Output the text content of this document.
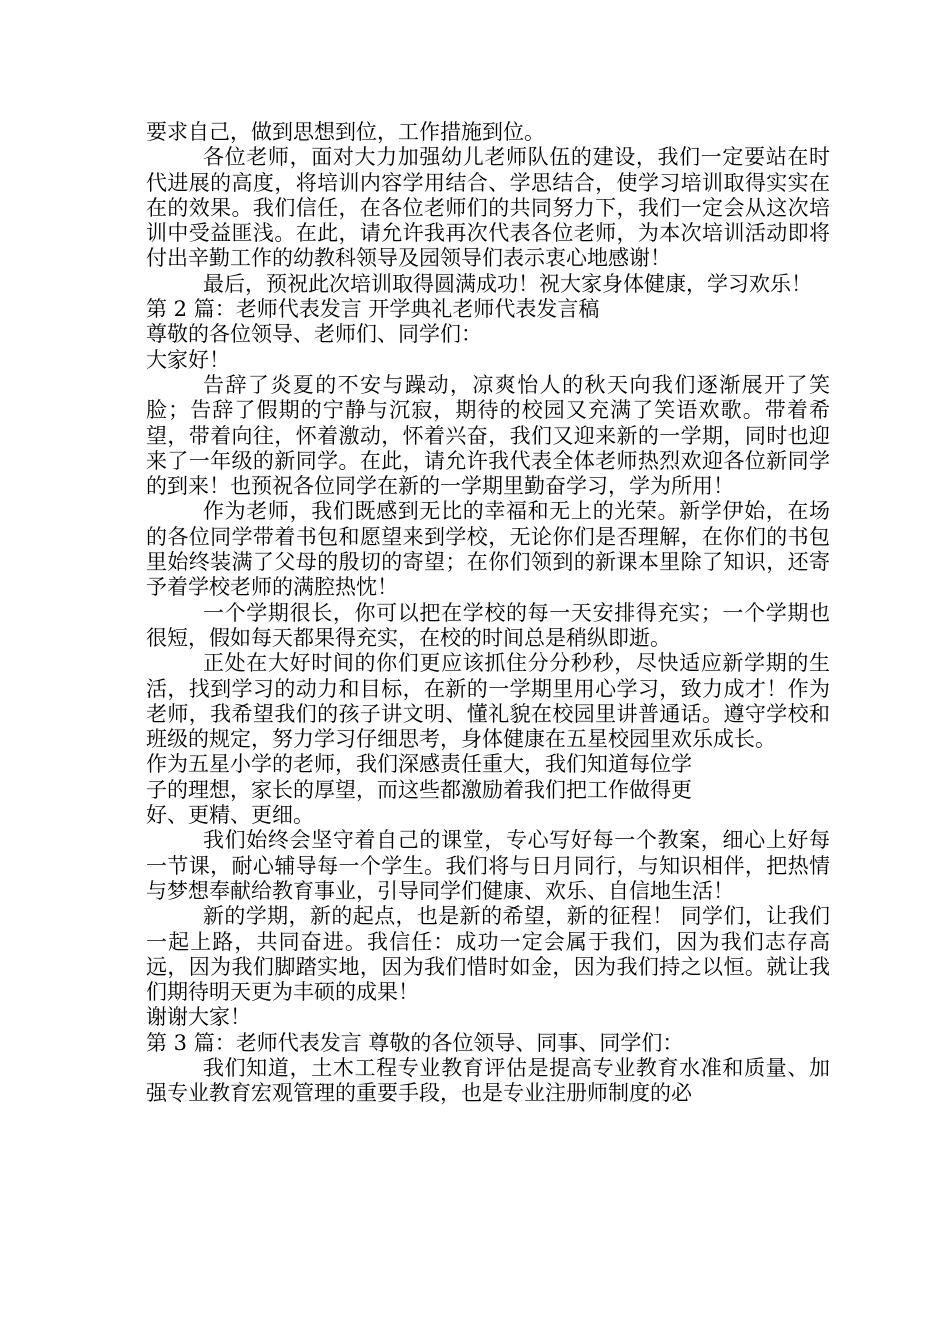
要求自己，做到思想到位，工作措施到位。

各位老师，面对大力加强幼儿老师队伍的建设，我们一定要站在时代进展的高度，将培训内容学用结合、学思结合，使学习培训取得实实在在的效果。我们信任，在各位老师们的共同努力下，我们一定会从这次培训中受益匪浅。在此，请允许我再次代表各位老师，为本次培训活动即将付出辛勤工作的幼教科领导及园领导们表示衷心地感谢！

最后，预祝此次培训取得圆满成功！祝大家身体健康，学习欢乐！

第 2 篇：老师代表发言 开学典礼老师代表发言稿

尊敬的各位领导、老师们、同学们：

大家好！

告辞了炎夏的不安与躁动，凉爽怡人的秋天向我们逐渐展开了笑脸；告辞了假期的宁静与沉寂，期待的校园又充满了笑语欢歌。带着希望，带着向往，怀着激动，怀着兴奋，我们又迎来新的一学期，同时也迎来了一年级的新同学。在此，请允许我代表全体老师热烈欢迎各位新同学的到来！也预祝各位同学在新的一学期里勤奋学习，学为所用！

作为老师，我们既感到无比的幸福和无上的光荣。新学伊始，在场的各位同学带着书包和愿望来到学校，无论你们是否理解，在你们的书包里始终装满了父母的殷切的寄望；在你们领到的新课本里除了知识，还寄予着学校老师的满腔热忱！

一个学期很长，你可以把在学校的每一天安排得充实；一个学期也很短，假如每天都果得充实，在校的时间总是稍纵即逝。

正处在大好时间的你们更应该抓住分分秒秒，尽快适应新学期的生活，找到学习的动力和目标，在新的一学期里用心学习，致力成才！作为老师，我希望我们的孩子讲文明、懂礼貌在校园里讲普通话。遵守学校和班级的规定，努力学习仔细思考，身体健康在五星校园里欢乐成长。

作为五星小学的老师，我们深感责任重大，我们知道每位学

子的理想，家长的厚望，而这些都激励着我们把工作做得更

好、更精、更细。

我们始终会坚守着自己的课堂，专心写好每一个教案，细心上好每一节课，耐心辅导每一个学生。我们将与日月同行，与知识相伴，把热情与梦想奉献给教育事业，引导同学们健康、欢乐、自信地生活！

新的学期，新的起点，也是新的希望，新的征程！ 同学们，让我们一起上路，共同奋进。我信任：成功一定会属于我们，因为我们志存高远，因为我们脚踏实地，因为我们惜时如金，因为我们持之以恒。就让我们期待明天更为丰硕的成果！

谢谢大家！

第 3 篇：老师代表发言 尊敬的各位领导、同事、同学们：

我们知道，土木工程专业教育评估是提高专业教育水准和质量、加强专业教育宏观管理的重要手段，也是专业注册师制度的必
